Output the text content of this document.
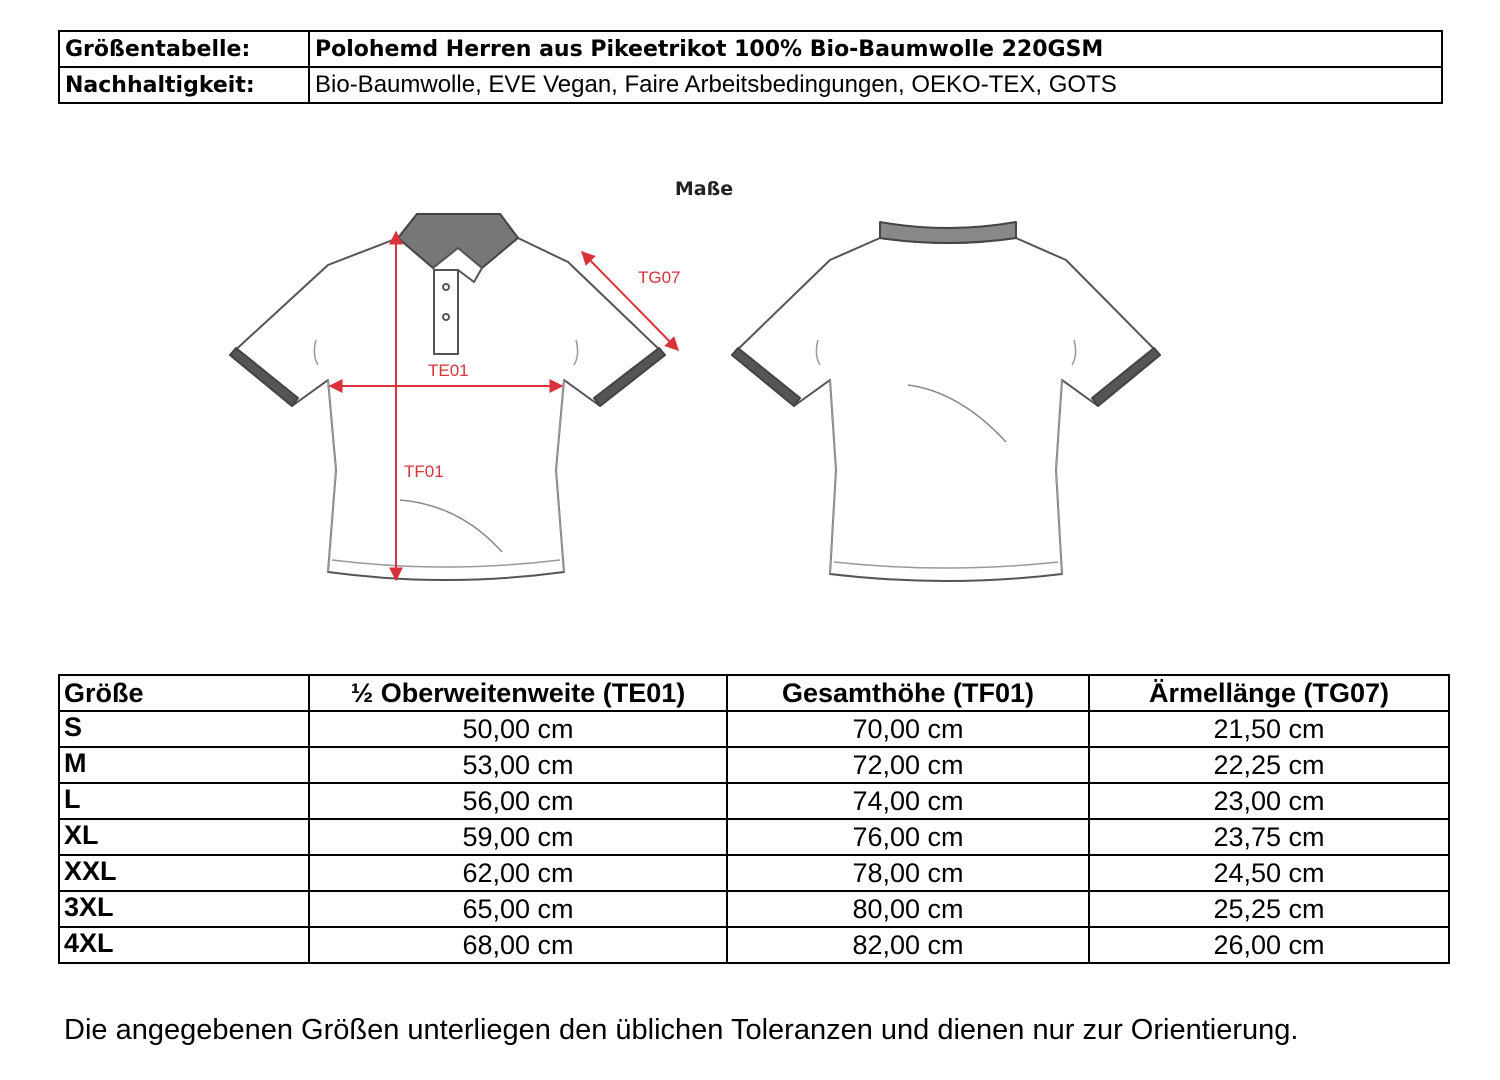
Größentabelle:	Polohemd Herren aus Pikeetrikot 100% Bio-Baumwolle 220GSM
Nachhaltigkeit:	Bio-Baumwolle, EVE Vegan, Faire Arbeitsbedingungen, OEKO-TEX, GOTS
Maße
TE01
TF01
TG07
Größe	½ Oberweitenweite (TE01)	Gesamthöhe (TF01)	Ärmellänge (TG07)
S	50,00 cm	70,00 cm	21,50 cm
M	53,00 cm	72,00 cm	22,25 cm
L	56,00 cm	74,00 cm	23,00 cm
XL	59,00 cm	76,00 cm	23,75 cm
XXL	62,00 cm	78,00 cm	24,50 cm
3XL	65,00 cm	80,00 cm	25,25 cm
4XL	68,00 cm	82,00 cm	26,00 cm
Die angegebenen Größen unterliegen den üblichen Toleranzen und dienen nur zur Orientierung.
